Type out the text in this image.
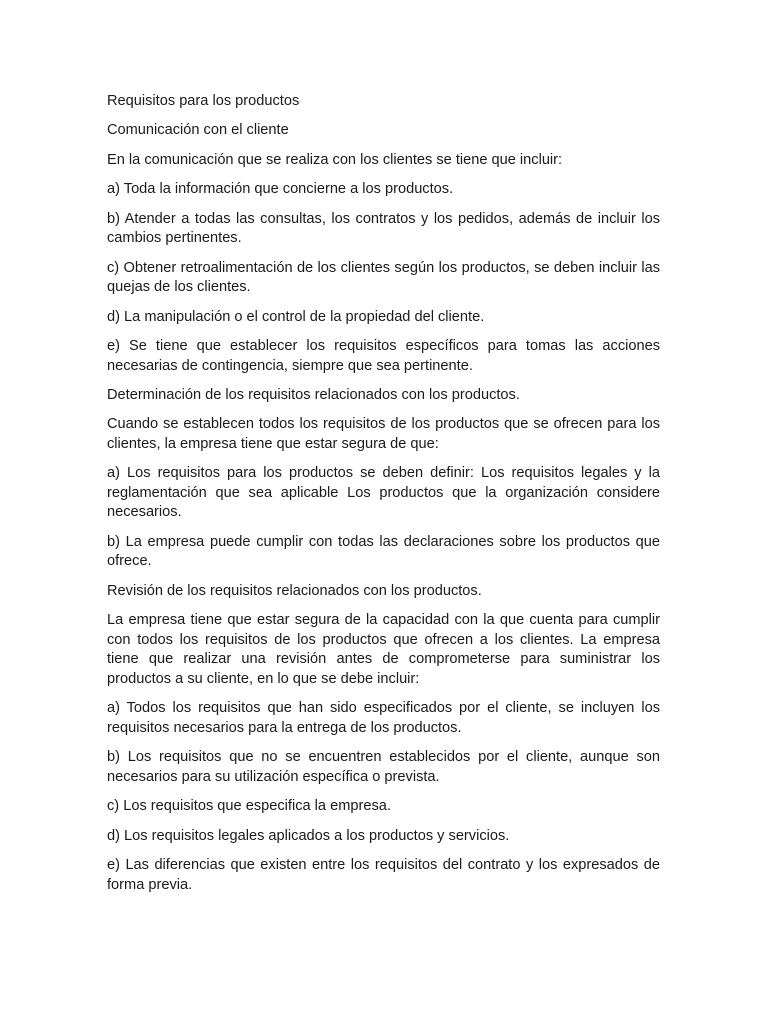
Requisitos para los productos

Comunicación con el cliente

En la comunicación que se realiza con los clientes se tiene que incluir:

a) Toda la información que concierne a los productos.

b) Atender a todas las consultas, los contratos y los pedidos, además de incluir los cambios pertinentes.

c) Obtener retroalimentación de los clientes según los productos, se deben incluir las quejas de los clientes.

d) La manipulación o el control de la propiedad del cliente.

e) Se tiene que establecer los requisitos específicos para tomas las acciones necesarias de contingencia, siempre que sea pertinente.

Determinación de los requisitos relacionados con los productos.

Cuando se establecen todos los requisitos de los productos que se ofrecen para los clientes, la empresa tiene que estar segura de que:

a) Los requisitos para los productos se deben definir: Los requisitos legales y la reglamentación que sea aplicable Los productos que la organización considere necesarios.

b) La empresa puede cumplir con todas las declaraciones sobre los productos que ofrece.

Revisión de los requisitos relacionados con los productos.

La empresa tiene que estar segura de la capacidad con la que cuenta para cumplir con todos los requisitos de los productos que ofrecen a los clientes. La empresa tiene que realizar una revisión antes de comprometerse para suministrar los productos a su cliente, en lo que se debe incluir:

a) Todos los requisitos que han sido especificados por el cliente, se incluyen los requisitos necesarios para la entrega de los productos.

b) Los requisitos que no se encuentren establecidos por el cliente, aunque son necesarios para su utilización específica o prevista.

c) Los requisitos que especifica la empresa.

d) Los requisitos legales aplicados a los productos y servicios.

e) Las diferencias que existen entre los requisitos del contrato y los expresados de forma previa.
